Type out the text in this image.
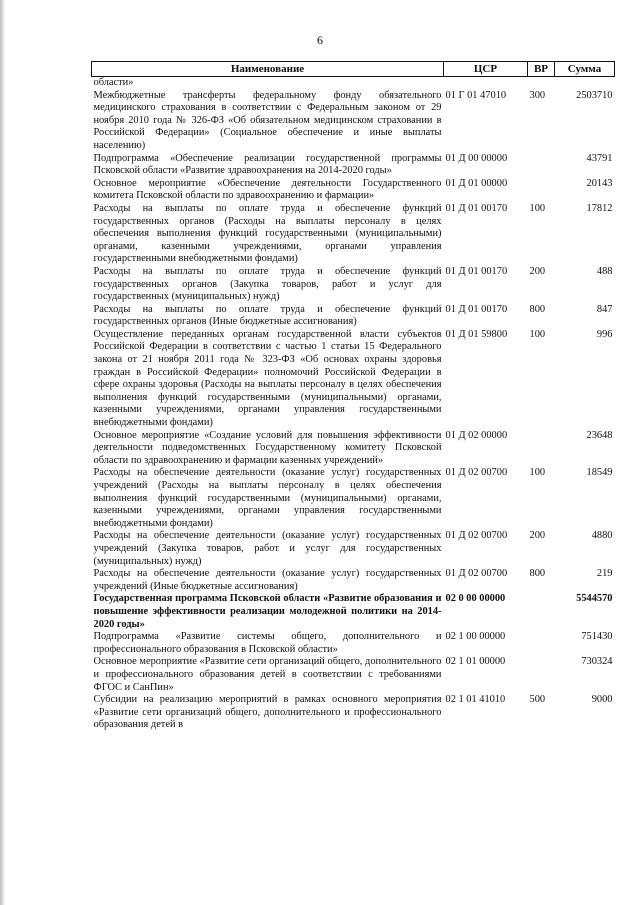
6
Наименование	ЦСР	ВР	Сумма
области»			
Межбюджетные трансферты федеральному фонду обязательного медицинского страхования в соответствии с Федеральным законом от 29 ноября 2010 года № 326-ФЗ «Об обязательном медицинском страховании в Российской Федерации» (Социальное обеспечение и иные выплаты населению)	01 Г 01 47010	300	2503710
Подпрограмма «Обеспечение реализации государственной программы Псковской области «Развитие здравоохранения на 2014-2020 годы»	01 Д 00 00000		43791
Основное мероприятие «Обеспечение деятельности Государственного комитета Псковской области по здравоохранению и фармации»	01 Д 01 00000		20143
Расходы на выплаты по оплате труда и обеспечение функций государственных органов (Расходы на выплаты персоналу в целях обеспечения выполнения функций государственными (муниципальными) органами, казенными учреждениями, органами управления государственными внебюджетными фондами)	01 Д 01 00170	100	17812
Расходы на выплаты по оплате труда и обеспечение функций государственных органов (Закупка товаров, работ и услуг для государственных (муниципальных) нужд)	01 Д 01 00170	200	488
Расходы на выплаты по оплате труда и обеспечение функций государственных органов (Иные бюджетные ассигнования)	01 Д 01 00170	800	847
Осуществление переданных органам государственной власти субъектов Российской Федерации в соответствии с частью 1 статьи 15 Федерального закона от 21 ноября 2011 года № 323-ФЗ «Об основах охраны здоровья граждан в Российской Федерации» полномочий Российской Федерации в сфере охраны здоровья (Расходы на выплаты персоналу в целях обеспечения выполнения функций государственными (муниципальными) органами, казенными учреждениями, органами управления государственными внебюджетными фондами)	01 Д 01 59800	100	996
Основное мероприятие «Создание условий для повышения эффективности деятельности подведомственных Государственному комитету Псковской области по здравоохранению и фармации казенных учреждений»	01 Д 02 00000		23648
Расходы на обеспечение деятельности (оказание услуг) государственных учреждений (Расходы на выплаты персоналу в целях обеспечения выполнения функций государственными (муниципальными) органами, казенными учреждениями, органами управления государственными внебюджетными фондами)	01 Д 02 00700	100	18549
Расходы на обеспечение деятельности (оказание услуг) государственных учреждений (Закупка товаров, работ и услуг для государственных (муниципальных) нужд)	01 Д 02 00700	200	4880
Расходы на обеспечение деятельности (оказание услуг) государственных учреждений (Иные бюджетные ассигнования)	01 Д 02 00700	800	219
Государственная программа Псковской области «Развитие образования и повышение эффективности реализации молодежной политики на 2014-2020 годы»	02 0 00 00000		5544570
Подпрограмма «Развитие системы общего, дополнительного и профессионального образования в Псковской области»	02 1 00 00000		751430
Основное мероприятие «Развитие сети организаций общего, дополнительного и профессионального образования детей в соответствии с требованиями ФГОС и СанПин»	02 1 01 00000		730324
Субсидии на реализацию мероприятий в рамках основного мероприятия «Развитие сети организаций общего, дополнительного и профессионального образования детей в	02 1 01 41010	500	9000
